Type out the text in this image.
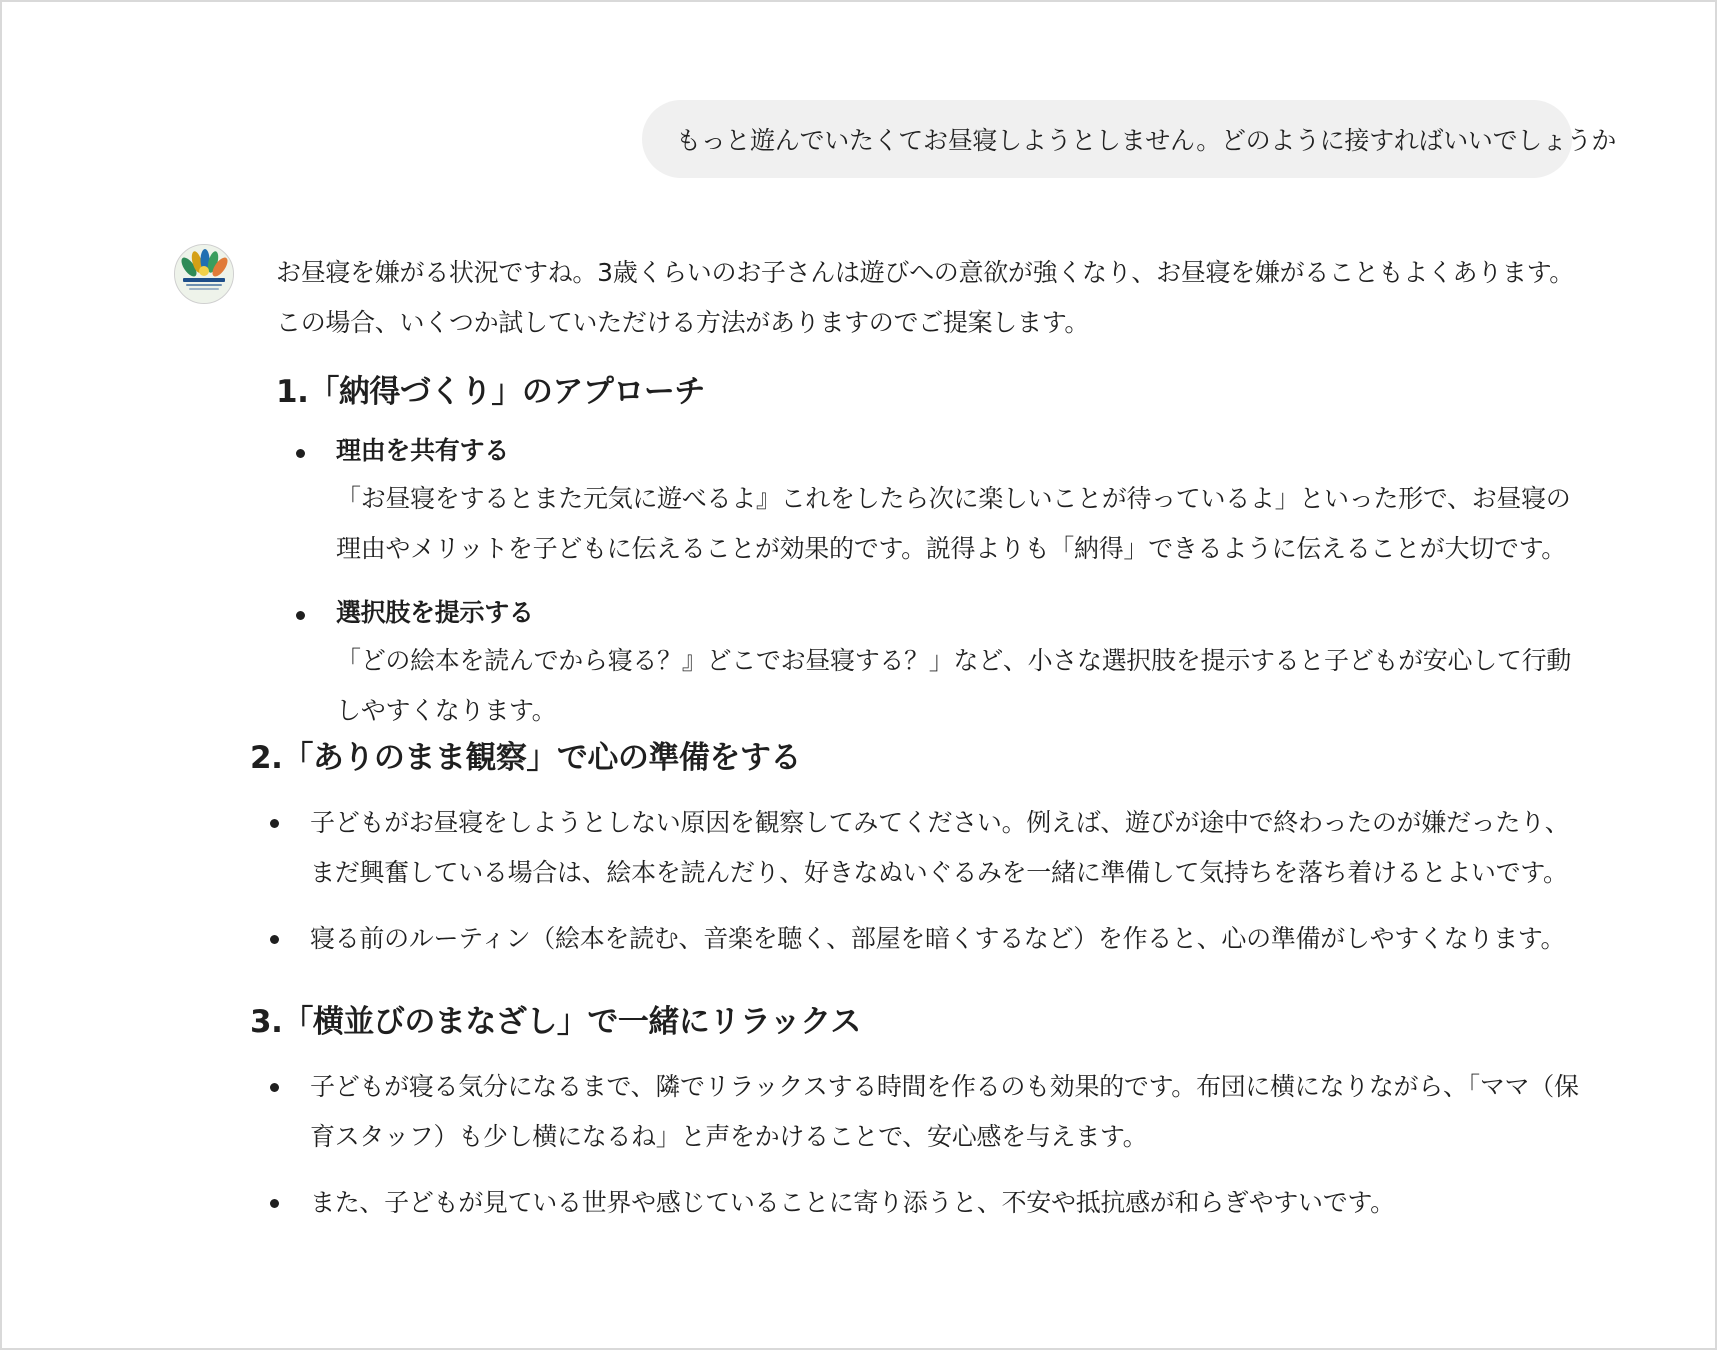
もっと遊んでいたくてお昼寝しようとしません。どのように接すればいいでしょうか

お昼寝を嫌がる状況ですね。3歳くらいのお子さんは遊びへの意欲が強くなり、お昼寝を嫌がることもよくあります。この場合、いくつか試していただける方法がありますのでご提案します。

1.「納得づくり」のアプローチ
理由を共有する
「お昼寝をするとまた元気に遊べるよ』これをしたら次に楽しいことが待っているよ」といった形で、お昼寝の理由やメリットを子どもに伝えることが効果的です。説得よりも「納得」できるように伝えることが大切です。
選択肢を提示する
「どの絵本を読んでから寝る？』どこでお昼寝する？」など、小さな選択肢を提示すると子どもが安心して行動しやすくなります。
2.「ありのまま観察」で心の準備をする
子どもがお昼寝をしようとしない原因を観察してみてください。例えば、遊びが途中で終わったのが嫌だったり、まだ興奮している場合は、絵本を読んだり、好きなぬいぐるみを一緒に準備して気持ちを落ち着けるとよいです。
寝る前のルーティン（絵本を読む、音楽を聴く、部屋を暗くするなど）を作ると、心の準備がしやすくなります。
3.「横並びのまなざし」で一緒にリラックス
子どもが寝る気分になるまで、隣でリラックスする時間を作るのも効果的です。布団に横になりながら、「ママ（保育スタッフ）も少し横になるね」と声をかけることで、安心感を与えます。
また、子どもが見ている世界や感じていることに寄り添うと、不安や抵抗感が和らぎやすいです。
